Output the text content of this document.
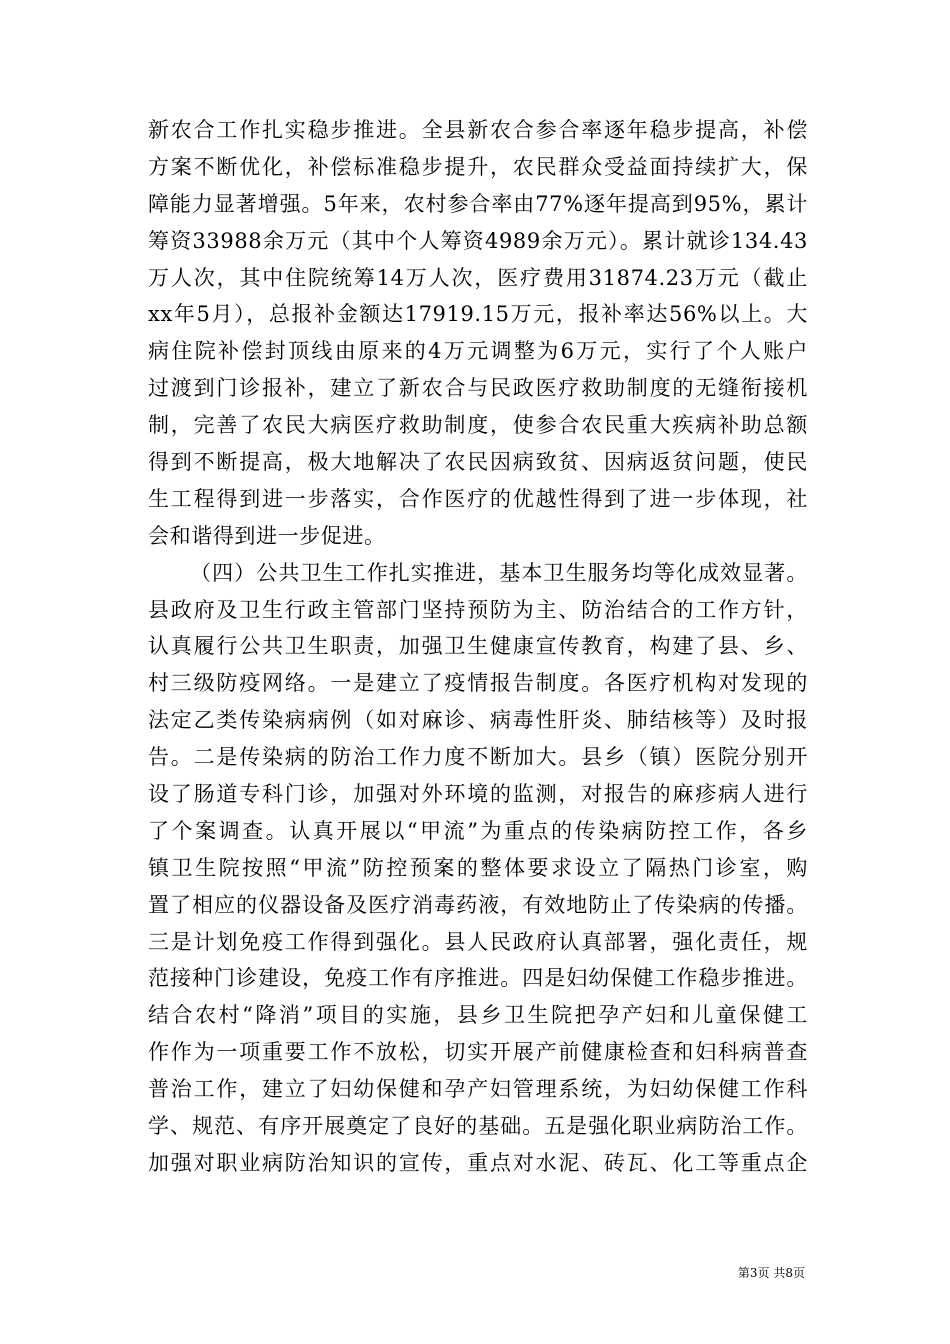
新农合工作扎实稳步推进。全县新农合参合率逐年稳步提高，补偿
方案不断优化，补偿标准稳步提升，农民群众受益面持续扩大，保
障能力显著增强。5年来，农村参合率由77%逐年提高到95%，累计
筹资33988余万元（其中个人筹资4989余万元）。累计就诊134.43
万人次，其中住院统筹14万人次，医疗费用31874.23万元（截止
xx年5月），总报补金额达17919.15万元，报补率达56%以上。大
病住院补偿封顶线由原来的4万元调整为6万元，实行了个人账户
过渡到门诊报补，建立了新农合与民政医疗救助制度的无缝衔接机
制，完善了农民大病医疗救助制度，使参合农民重大疾病补助总额
得到不断提高，极大地解决了农民因病致贫、因病返贫问题，使民
生工程得到进一步落实，合作医疗的优越性得到了进一步体现，社
会和谐得到进一步促进。
（四）公共卫生工作扎实推进，基本卫生服务均等化成效显著。
县政府及卫生行政主管部门坚持预防为主、防治结合的工作方针，
认真履行公共卫生职责，加强卫生健康宣传教育，构建了县、乡、
村三级防疫网络。一是建立了疫情报告制度。各医疗机构对发现的
法定乙类传染病病例（如对麻诊、病毒性肝炎、肺结核等）及时报
告。二是传染病的防治工作力度不断加大。县乡（镇）医院分别开
设了肠道专科门诊，加强对外环境的监测，对报告的麻疹病人进行
了个案调查。认真开展以“甲流”为重点的传染病防控工作，各乡
镇卫生院按照“甲流”防控预案的整体要求设立了隔热门诊室，购
置了相应的仪器设备及医疗消毒药液，有效地防止了传染病的传播。
三是计划免疫工作得到强化。县人民政府认真部署，强化责任，规
范接种门诊建设，免疫工作有序推进。四是妇幼保健工作稳步推进。
结合农村“降消”项目的实施，县乡卫生院把孕产妇和儿童保健工
作作为一项重要工作不放松，切实开展产前健康检查和妇科病普查
普治工作，建立了妇幼保健和孕产妇管理系统，为妇幼保健工作科
学、规范、有序开展奠定了良好的基础。五是强化职业病防治工作。
加强对职业病防治知识的宣传，重点对水泥、砖瓦、化工等重点企
第3页 共8页
